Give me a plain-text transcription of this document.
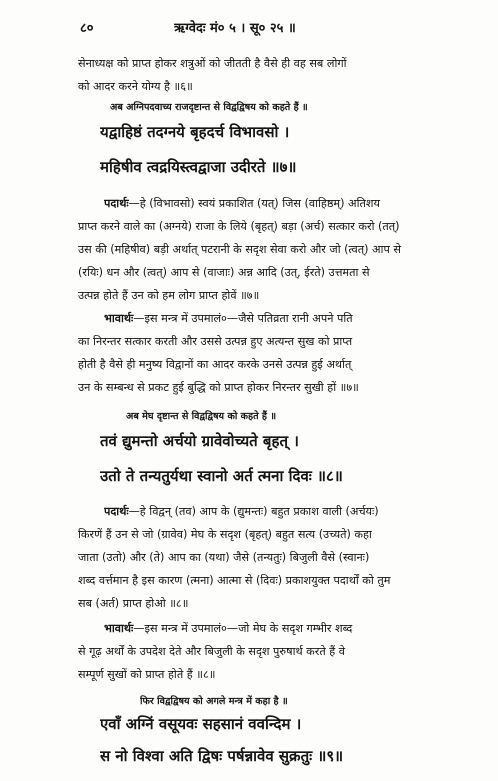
८०	ऋग्वेदः मं० ५ । सू० २५ ॥
सेनाध्यक्ष को प्राप्त होकर शत्रुओं को जीतती है वैसे ही वह सब लोगों
को आदर करने योग्य है ॥६॥
अब अग्निपदवाच्य राजदृष्टान्त से विद्वद्विषय को कहते हैं ॥
यद्वाहिष्ठं तदग्नये बृहदर्च विभावसो ।
महिषीव त्वद्रयिस्त्वद्वाजा उदीरते ॥७॥
पदार्थः—हे (विभावसो) स्वयं प्रकाशित (यत्) जिस (वाहिष्ठम्) अतिशय
प्राप्त करने वाले का (अग्नये) राजा के लिये (बृहत्) बड़ा (अर्च) सत्कार करो (तत्)
उस की (महिषीव) बड़ी अर्थात् पटरानी के सदृश सेवा करो और जो (त्वत्) आप से
(रयिः) धन और (त्वत्) आप से (वाजाः) अन्न आदि (उत्, ईरते) उत्तमता से
उत्पन्न होते हैं उन को हम लोग प्राप्त होवें ॥७॥
भावार्थः—इस मन्त्र में उपमालं०—जैसे पतिव्रता रानी अपने पति
का निरन्तर सत्कार करती और उससे उत्पन्न हुए अत्यन्त सुख को प्राप्त
होती है वैसे ही मनुष्य विद्वानों का आदर करके उनसे उत्पन्न हुई अर्थात्
उन के सम्बन्ध से प्रकट हुई बुद्धि को प्राप्त होकर निरन्तर सुखी हों ॥७॥
अब मेघ दृष्टान्त से विद्वद्विषय को कहते हैं ॥
तवं द्युमन्तो अर्चयो ग्रावेवोच्यते बृहत् ।
उतो ते तन्यतुर्यथा स्वानो अर्त त्मना दिवः ॥८॥
पदार्थः—हे विद्वन् (तव) आप के (द्युमन्तः) बहुत प्रकाश वाली (अर्चयः)
किरणें हैं उन से जो (ग्रावेव) मेघ के सदृश (बृहत्) बहुत सत्य (उच्यते) कहा
जाता (उतो) और (ते) आप का (यथा) जैसे (तन्यतुः) बिजुली वैसे (स्वानः)
शब्द वर्त्तमान है इस कारण (त्मना) आत्मा से (दिवः) प्रकाशयुक्त पदार्थों को तुम
सब (अर्त) प्राप्त होओ ॥८॥
भावार्थः—इस मन्त्र में उपमालं०—जो मेघ के सदृश गम्भीर शब्द
से गूढ़ अर्थों के उपदेश देते और बिजुली के सदृश पुरुषार्थ करते हैं वे
सम्पूर्ण सुखों को प्राप्त होते हैं ॥८॥
फिर विद्वद्विषय को अगले मन्त्र में कहा है ॥
एवाँ अग्निं वसूयवः सहसानं ववन्दिम ।
स नो विश्वा अति द्विषः पर्षन्नावेव सुक्रतुः ॥९॥
